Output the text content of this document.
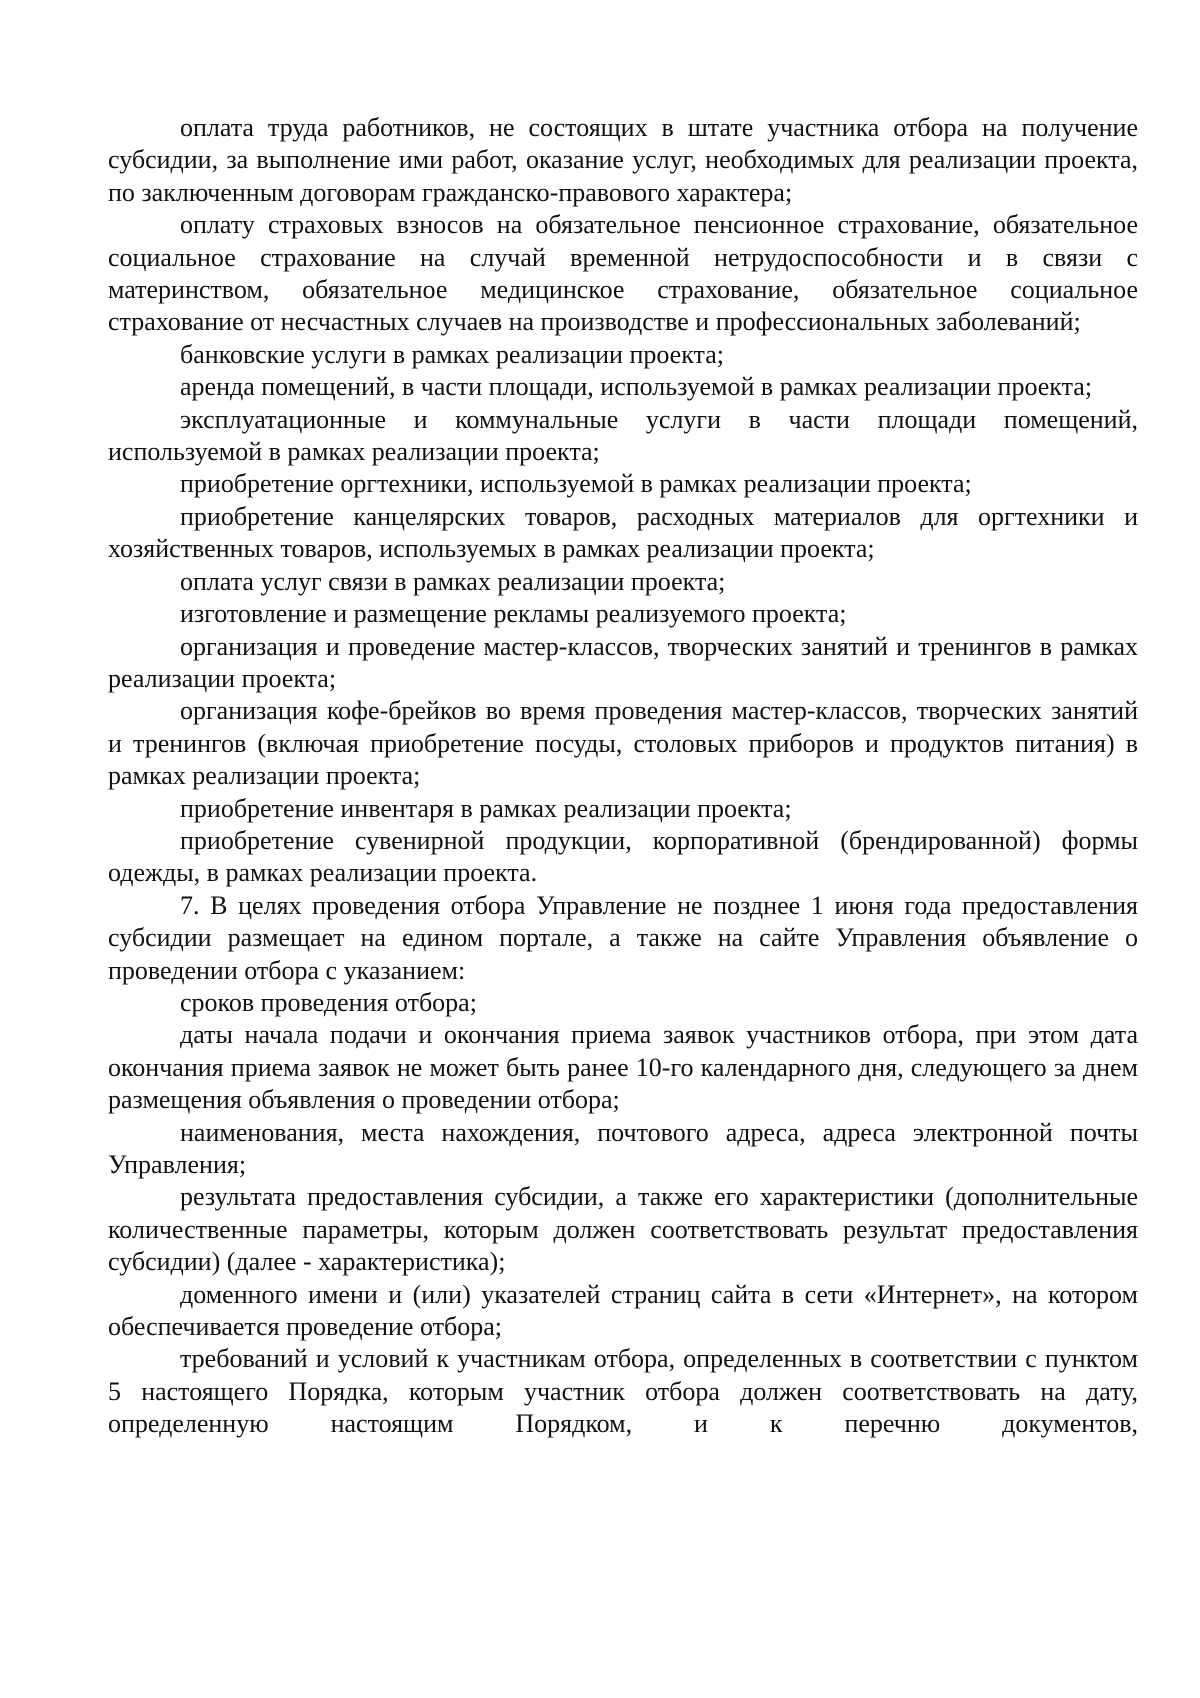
оплата труда работников, не состоящих в штате участника отбора на получение субсидии, за выполнение ими работ, оказание услуг, необходимых для реализации проекта, по заключенным договорам гражданско-правового характера;

оплату страховых взносов на обязательное пенсионное страхование, обязательное социальное страхование на случай временной нетрудоспособности и в связи с материнством, обязательное медицинское страхование, обязательное социальное страхование от несчастных случаев на производстве и профессиональных заболеваний;

банковские услуги в рамках реализации проекта;

аренда помещений, в части площади, используемой в рамках реализации проекта;

эксплуатационные и коммунальные услуги в части площади помещений, используемой в рамках реализации проекта;

приобретение оргтехники, используемой в рамках реализации проекта;

приобретение канцелярских товаров, расходных материалов для оргтехники и хозяйственных товаров, используемых в рамках реализации проекта;

оплата услуг связи в рамках реализации проекта;

изготовление и размещение рекламы реализуемого проекта;

организация и проведение мастер-классов, творческих занятий и тренингов в рамках реализации проекта;

организация кофе-брейков во время проведения мастер-классов, творческих занятий и тренингов (включая приобретение посуды, столовых приборов и продуктов питания) в рамках реализации проекта;

приобретение инвентаря в рамках реализации проекта;

приобретение сувенирной продукции, корпоративной (брендированной) формы одежды, в рамках реализации проекта.

7. В целях проведения отбора Управление не позднее 1 июня года предоставления субсидии размещает на едином портале, а также на сайте Управления объявление о проведении отбора с указанием:

сроков проведения отбора;

даты начала подачи и окончания приема заявок участников отбора, при этом дата окончания приема заявок не может быть ранее 10-го календарного дня, следующего за днем размещения объявления о проведении отбора;

наименования, места нахождения, почтового адреса, адреса электронной почты Управления;

результата предоставления субсидии, а также его характеристики (дополнительные количественные параметры, которым должен соответствовать результат предоставления субсидии) (далее - характеристика);

доменного имени и (или) указателей страниц сайта в сети «Интернет», на котором обеспечивается проведение отбора;

требований и условий к участникам отбора, определенных в соответствии с пунктом 5 настоящего Порядка, которым участник отбора должен соответствовать на дату, определенную настоящим Порядком, и к перечню документов,
